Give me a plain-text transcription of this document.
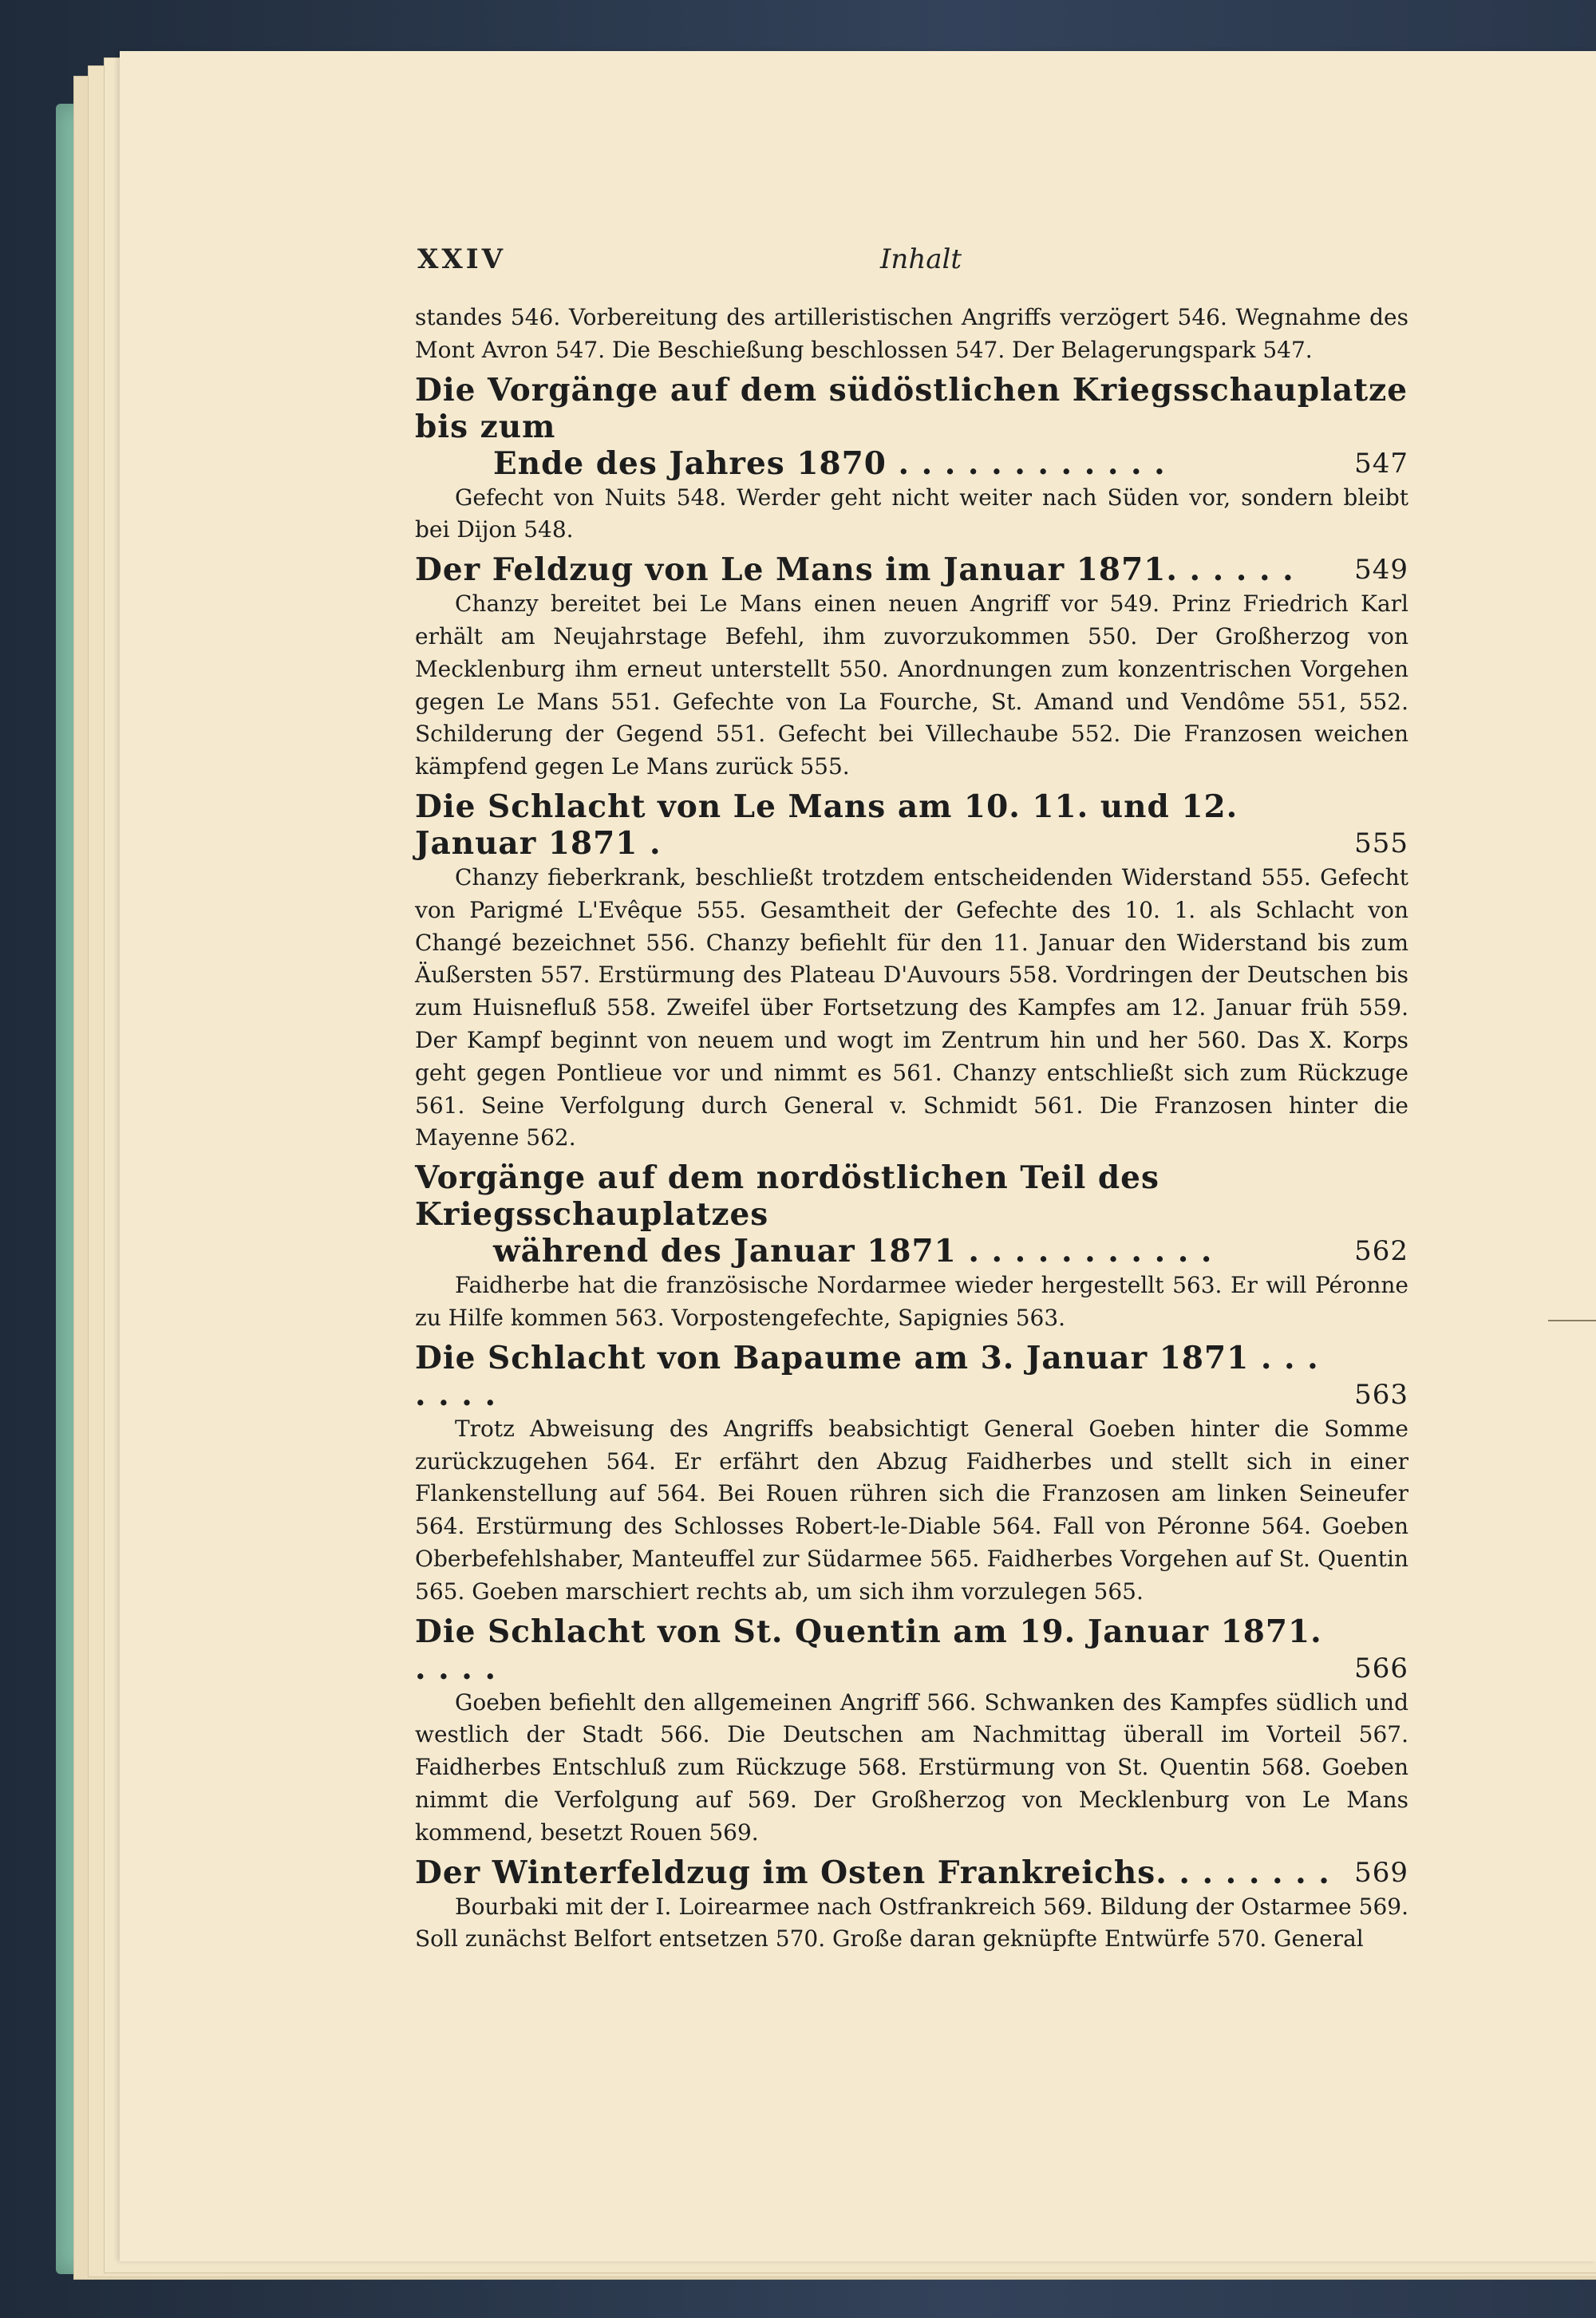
XXIV	Inhalt

standes 546. Vorbereitung des artilleristischen Angriffs verzögert 546. Wegnahme des Mont Avron 547. Die Beschießung beschlossen 547. Der Belagerungspark 547.

Die Vorgänge auf dem südöstlichen Kriegsschauplatze bis zum
Ende des Jahres 1870 . . . . . . . . . . . .	547

Gefecht von Nuits 548. Werder geht nicht weiter nach Süden vor, sondern bleibt bei Dijon 548.

Der Feldzug von Le Mans im Januar 1871. . . . . .	549

Chanzy bereitet bei Le Mans einen neuen Angriff vor 549. Prinz Friedrich Karl erhält am Neujahrstage Befehl, ihm zuvorzukommen 550. Der Großherzog von Mecklenburg ihm erneut unterstellt 550. Anordnungen zum konzentrischen Vorgehen gegen Le Mans 551. Gefechte von La Fourche, St. Amand und Vendôme 551, 552. Schilderung der Gegend 551. Gefecht bei Villechaube 552. Die Franzosen weichen kämpfend gegen Le Mans zurück 555.

Die Schlacht von Le Mans am 10. 11. und 12. Januar 1871 .	555

Chanzy fieberkrank, beschließt trotzdem entscheidenden Widerstand 555. Gefecht von Parigmé L'Evêque 555. Gesamtheit der Gefechte des 10. 1. als Schlacht von Changé bezeichnet 556. Chanzy befiehlt für den 11. Januar den Widerstand bis zum Äußersten 557. Erstürmung des Plateau D'Auvours 558. Vordringen der Deutschen bis zum Huisnefluß 558. Zweifel über Fortsetzung des Kampfes am 12. Januar früh 559. Der Kampf beginnt von neuem und wogt im Zentrum hin und her 560. Das X. Korps geht gegen Pontlieue vor und nimmt es 561. Chanzy entschließt sich zum Rückzuge 561. Seine Verfolgung durch General v. Schmidt 561. Die Franzosen hinter die Mayenne 562.

Vorgänge auf dem nordöstlichen Teil des Kriegsschauplatzes
während des Januar 1871 . . . . . . . . . . .	562

Faidherbe hat die französische Nordarmee wieder hergestellt 563. Er will Péronne zu Hilfe kommen 563. Vorpostengefechte, Sapignies 563.

Die Schlacht von Bapaume am 3. Januar 1871 . . . . . . .	563

Trotz Abweisung des Angriffs beabsichtigt General Goeben hinter die Somme zurückzugehen 564. Er erfährt den Abzug Faidherbes und stellt sich in einer Flankenstellung auf 564. Bei Rouen rühren sich die Franzosen am linken Seineufer 564. Erstürmung des Schlosses Robert-le-Diable 564. Fall von Péronne 564. Goeben Oberbefehlshaber, Manteuffel zur Südarmee 565. Faidherbes Vorgehen auf St. Quentin 565. Goeben marschiert rechts ab, um sich ihm vorzulegen 565.

Die Schlacht von St. Quentin am 19. Januar 1871. . . . .	566

Goeben befiehlt den allgemeinen Angriff 566. Schwanken des Kampfes südlich und westlich der Stadt 566. Die Deutschen am Nachmittag überall im Vorteil 567. Faidherbes Entschluß zum Rückzuge 568. Erstürmung von St. Quentin 568. Goeben nimmt die Verfolgung auf 569. Der Großherzog von Mecklenburg von Le Mans kommend, besetzt Rouen 569.

Der Winterfeldzug im Osten Frankreichs. . . . . . . . 569

Bourbaki mit der I. Loirearmee nach Ostfrankreich 569. Bildung der Ostarmee 569. Soll zunächst Belfort entsetzen 570. Große daran geknüpfte Entwürfe 570. General
